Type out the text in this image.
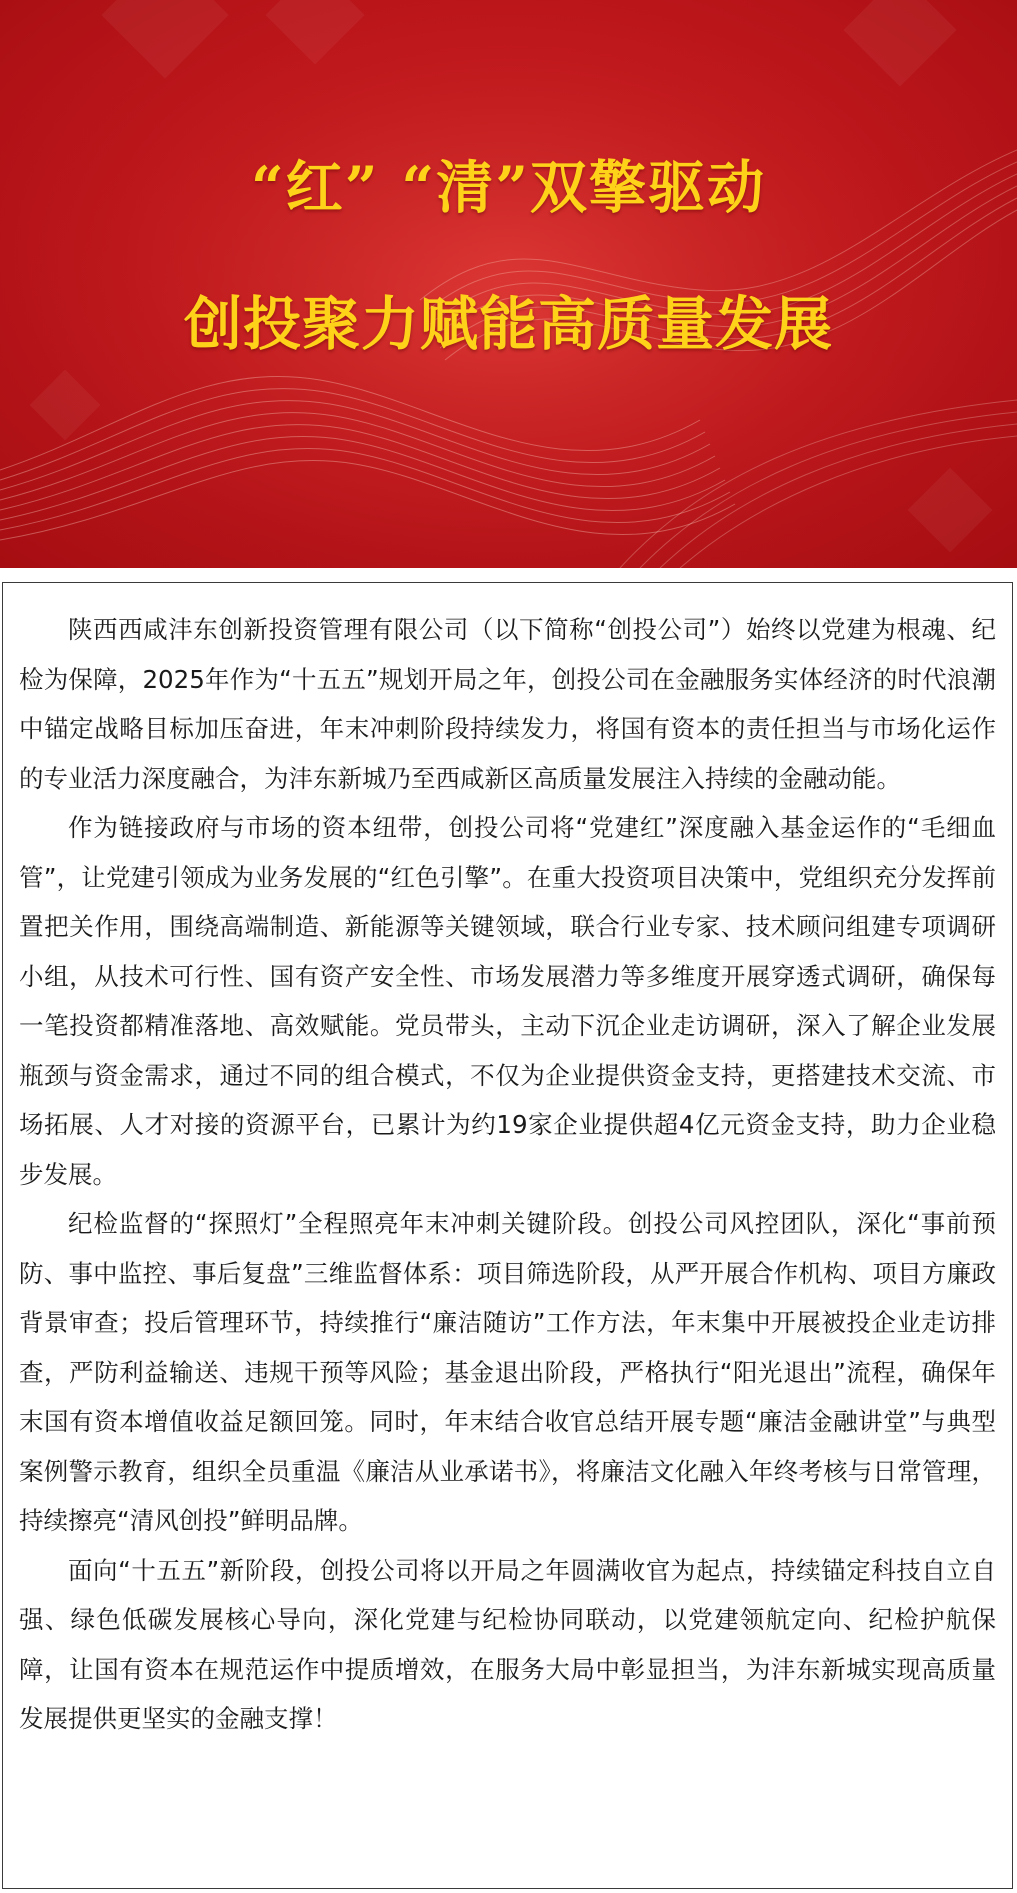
“红” “清”双擎驱动
创投聚力赋能高质量发展

陕西西咸沣东创新投资管理有限公司（以下简称“创投公司”）始终以党建为根魂、纪检为保障，2025年作为“十五五”规划开局之年，创投公司在金融服务实体经济的时代浪潮中锚定战略目标加压奋进，年末冲刺阶段持续发力，将国有资本的责任担当与市场化运作的专业活力深度融合，为沣东新城乃至西咸新区高质量发展注入持续的金融动能。

作为链接政府与市场的资本纽带，创投公司将“党建红”深度融入基金运作的“毛细血管”，让党建引领成为业务发展的“红色引擎”。在重大投资项目决策中，党组织充分发挥前置把关作用，围绕高端制造、新能源等关键领域，联合行业专家、技术顾问组建专项调研小组，从技术可行性、国有资产安全性、市场发展潜力等多维度开展穿透式调研，确保每一笔投资都精准落地、高效赋能。党员带头，主动下沉企业走访调研，深入了解企业发展瓶颈与资金需求，通过不同的组合模式，不仅为企业提供资金支持，更搭建技术交流、市场拓展、人才对接的资源平台，已累计为约19家企业提供超4亿元资金支持，助力企业稳步发展。

纪检监督的“探照灯”全程照亮年末冲刺关键阶段。创投公司风控团队，深化“事前预防、事中监控、事后复盘”三维监督体系：项目筛选阶段，从严开展合作机构、项目方廉政背景审查；投后管理环节，持续推行“廉洁随访”工作方法，年末集中开展被投企业走访排查，严防利益输送、违规干预等风险；基金退出阶段，严格执行“阳光退出”流程，确保年末国有资本增值收益足额回笼。同时，年末结合收官总结开展专题“廉洁金融讲堂”与典型案例警示教育，组织全员重温《廉洁从业承诺书》，将廉洁文化融入年终考核与日常管理，持续擦亮“清风创投”鲜明品牌。

面向“十五五”新阶段，创投公司将以开局之年圆满收官为起点，持续锚定科技自立自强、绿色低碳发展核心导向，深化党建与纪检协同联动，以党建领航定向、纪检护航保障，让国有资本在规范运作中提质增效，在服务大局中彰显担当，为沣东新城实现高质量发展提供更坚实的金融支撑！
